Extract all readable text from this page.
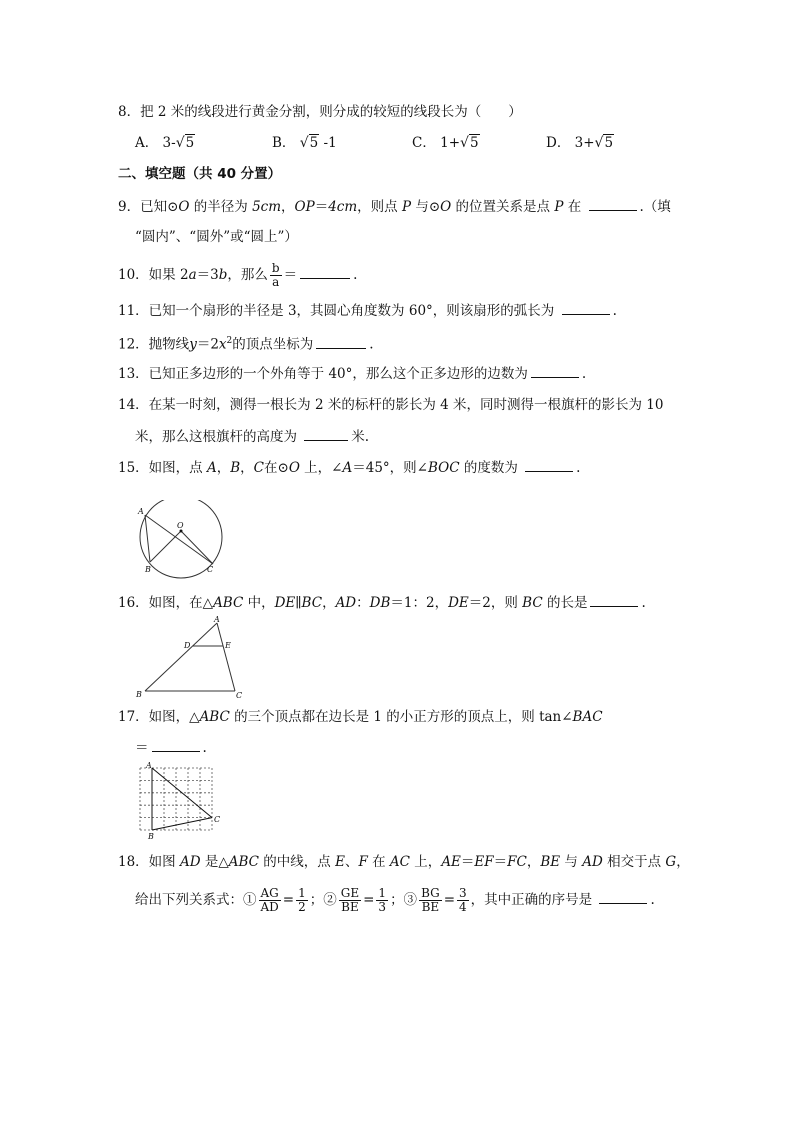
8．把 2 米的线段进行黄金分割，则分成的较短的线段长为（　　）
A． 3-√5	B． √5 -1	C． 1+√5	D． 3+√5
二、填空题（共 40 分置）
9．已知⊙O 的半径为 5cm，OP＝4cm，则点 P 与⊙O 的位置关系是点 P 在	.（填
“圆内”、“圆外”或“圆上”）
10．如果 2a＝3b，那么 $\frac{b}{a}$ ＝	.
11．已知一个扇形的半径是 3，其圆心角度数为 60°，则该扇形的弧长为	.
12．抛物线$y=2x^2$的顶点坐标为	.
13．已知正多边形的一个外角等于 40°，那么这个正多边形的边数为	.
14．在某一时刻，测得一根长为 2 米的标杆的影长为 4 米，同时测得一根旗杆的影长为 10
米，那么这根旗杆的高度为	米.
15．如图，点 A，B，C在⊙O 上，∠A＝45°，则∠BOC 的度数为	.
A
O
B	C
16．如图，在△ABC 中，DE∥BC，AD：DB＝1：2，DE＝2，则 BC 的长是	.
A
D	E
B	C
17．如图，△ABC 的三个顶点都在边长是 1 的小正方形的顶点上，则 tan∠BAC
＝	.
A
B
C
18．如图 AD 是△ABC 的中线，点 E、F 在 AC 上，AE＝EF＝FC，BE 与 AD 相交于点 G，
给出下列关系式：① $\frac{AG}{AD} = \frac{1}{2}$ ；② $\frac{GE}{BE} = \frac{1}{3}$ ；③ $\frac{BG}{BE} = \frac{3}{4}$ ，其中正确的序号是	.
